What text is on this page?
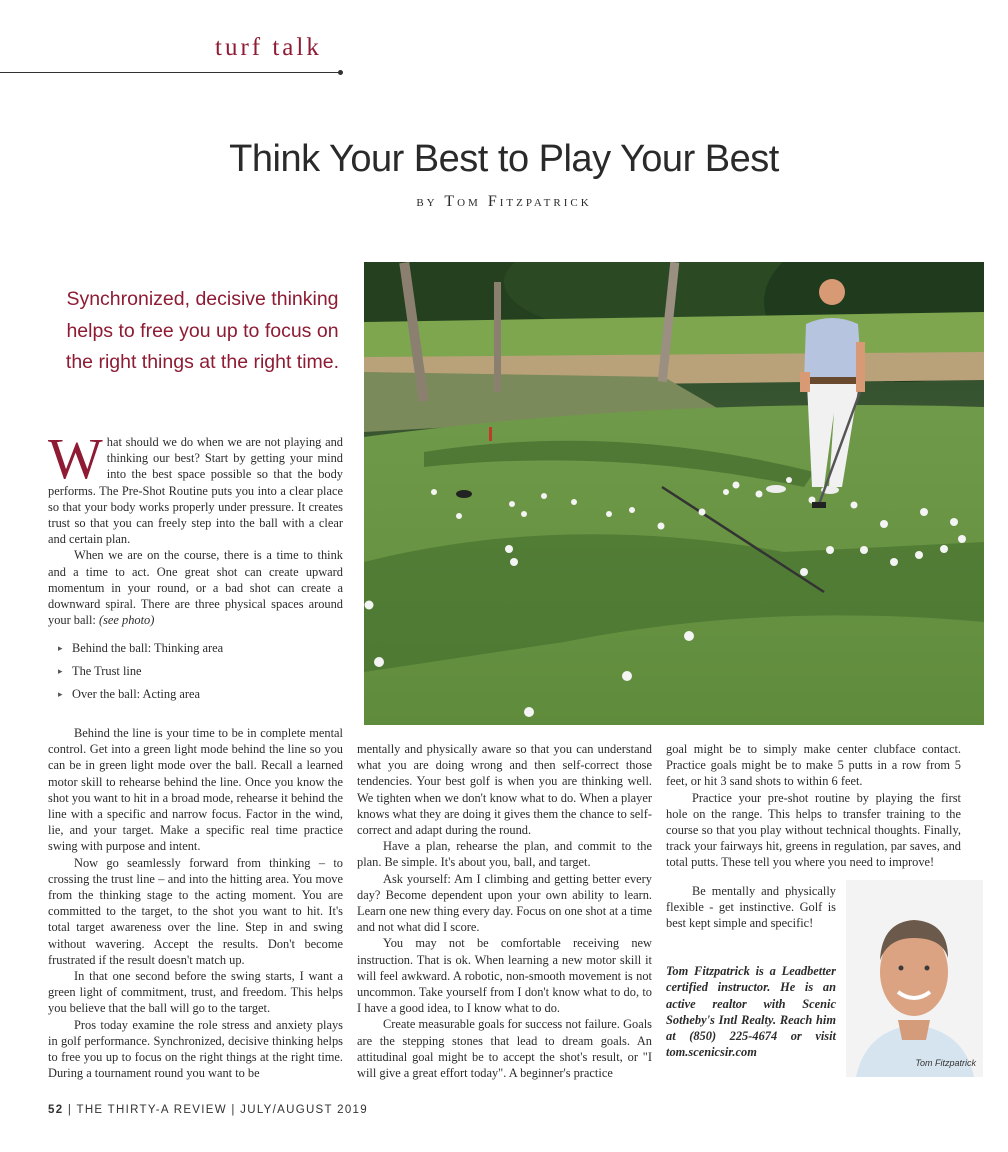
turf talk
Think Your Best to Play Your Best
by Tom Fitzpatrick
Synchronized, decisive thinking helps to free you up to focus on the right things at the right time.

What should we do when we are not playing and thinking our best? Start by getting your mind into the best space possible so that the body performs. The Pre-Shot Routine puts you into a clear place so that your body works properly under pressure. It creates trust so that you can freely step into the ball with a clear and certain plan.

When we are on the course, there is a time to think and a time to act. One great shot can create upward momentum in your round, or a bad shot can create a downward spiral. There are three physical spaces around your ball: (see photo)

▸ Behind the ball: Thinking area
▸ The Trust line
▸ Over the ball: Acting area

Behind the line is your time to be in complete mental control. Get into a green light mode behind the line so you can be in green light mode over the ball. Recall a learned motor skill to rehearse behind the line. Once you know the shot you want to hit in a broad mode, rehearse it behind the line with a specific and narrow focus. Factor in the wind, lie, and your target. Make a specific real time practice swing with purpose and intent.

Now go seamlessly forward from thinking – to crossing the trust line – and into the hitting area. You move from the thinking stage to the acting moment. You are committed to the target, to the shot you want to hit. It's total target awareness over the line. Step in and swing without wavering. Accept the results. Don't become frustrated if the result doesn't match up.

In that one second before the swing starts, I want a green light of commitment, trust, and freedom. This helps you believe that the ball will go to the target.

Pros today examine the role stress and anxiety plays in golf performance. Synchronized, decisive thinking helps to free you up to focus on the right things at the right time. During a tournament round you want to be

mentally and physically aware so that you can understand what you are doing wrong and then self-correct those tendencies. Your best golf is when you are thinking well. We tighten when we don't know what to do. When a player knows what they are doing it gives them the chance to self-correct and adapt during the round.

Have a plan, rehearse the plan, and commit to the plan. Be simple. It's about you, ball, and target.

Ask yourself: Am I climbing and getting better every day? Become dependent upon your own ability to learn. Learn one new thing every day. Focus on one shot at a time and not what did I score.

You may not be comfortable receiving new instruction. That is ok. When learning a new motor skill it will feel awkward. A robotic, non-smooth movement is not uncommon. Take yourself from I don't know what to do, to I have a good idea, to I know what to do.

Create measurable goals for success not failure. Goals are the stepping stones that lead to dream goals. An attitudinal goal might be to accept the shot's result, or "I will give a great effort today". A beginner's practice

goal might be to simply make center clubface contact. Practice goals might be to make 5 putts in a row from 5 feet, or hit 3 sand shots to within 6 feet.

Practice your pre-shot routine by playing the first hole on the range. This helps to transfer training to the course so that you play without technical thoughts. Finally, track your fairways hit, greens in regulation, par saves, and total putts. These tell you where you need to improve!

Be mentally and physically flexible - get instinctive. Golf is best kept simple and specific!

Tom Fitzpatrick is a Leadbetter certified instructor. He is an active realtor with Scenic Sotheby's Intl Realty. Reach him at (850) 225-4674 or visit tom.scenicsir.com
Tom Fitzpatrick
52 | THE THIRTY-A REVIEW | JULY/AUGUST 2019
